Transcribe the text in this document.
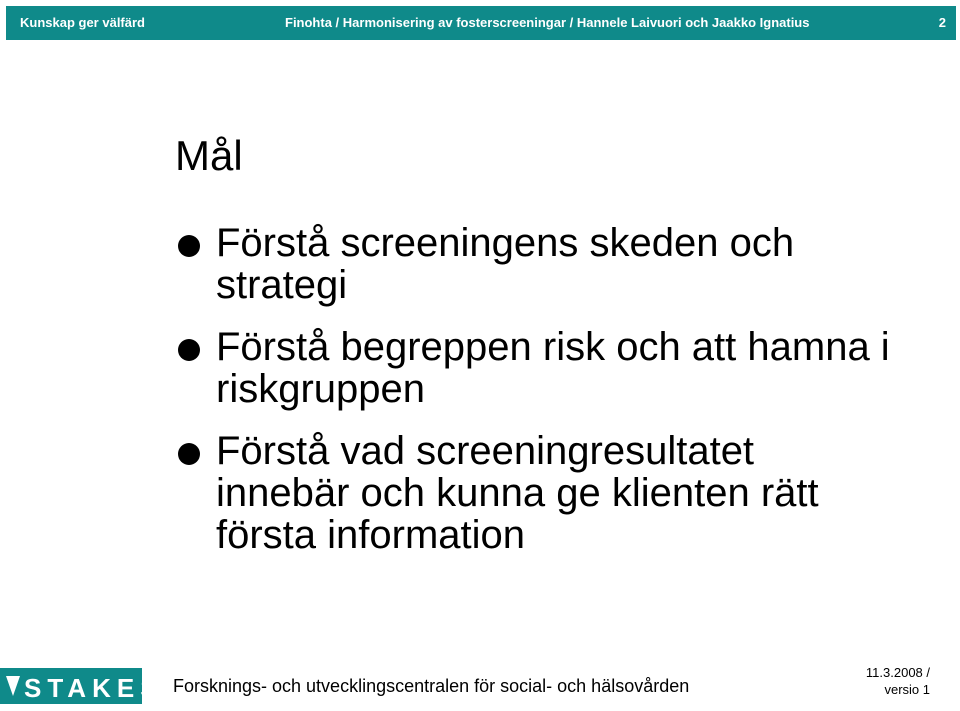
Kunskap ger välfärd	Finohta / Harmonisering av fosterscreeningar / Hannele Laivuori och Jaakko Ignatius	2
Mål
Förstå screeningens skeden och strategi
Förstå begreppen risk och att hamna i riskgruppen
Förstå vad screeningresultatet innebär och kunna ge klienten rätt första information
STAKES Forsknings- och utvecklingscentralen för social- och hälsovården
11.3.2008 /
versio 1
